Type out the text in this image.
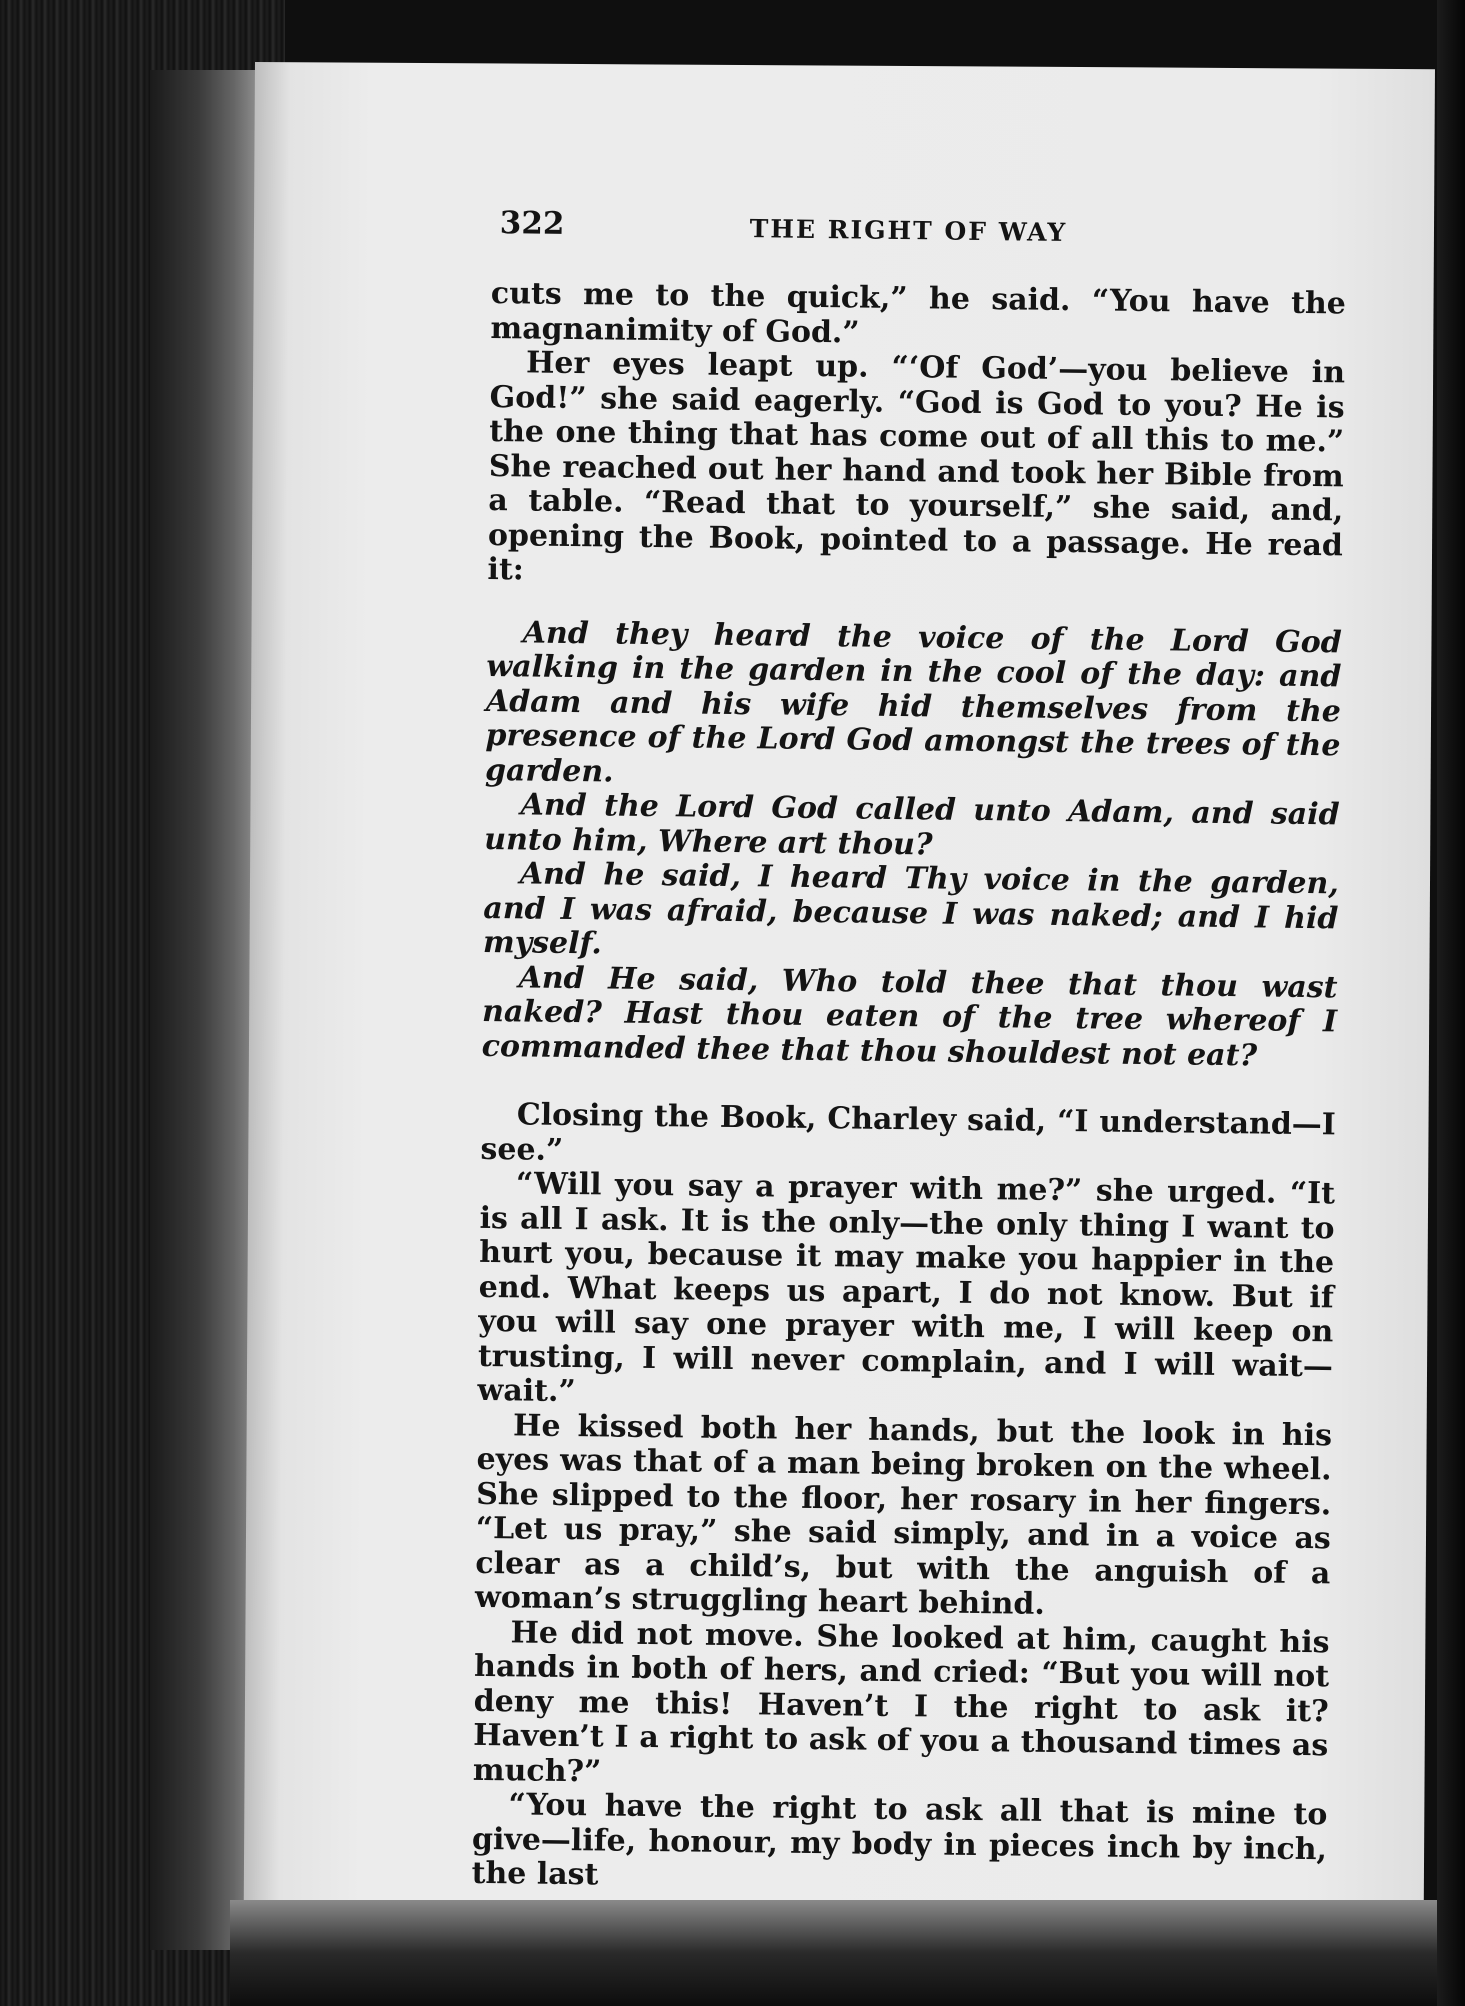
322	THE RIGHT OF WAY

cuts me to the quick,” he said. “You have the magnanimity of God.”

Her eyes leapt up. “‘Of God’—you believe in God!” she said eagerly. “God is God to you? He is the one thing that has come out of all this to me.” She reached out her hand and took her Bible from a table. “Read that to yourself,” she said, and, opening the Book, pointed to a passage. He read it:

And they heard the voice of the Lord God walking in the garden in the cool of the day: and Adam and his wife hid themselves from the presence of the Lord God amongst the trees of the garden.

And the Lord God called unto Adam, and said unto him, Where art thou?

And he said, I heard Thy voice in the garden, and I was afraid, because I was naked; and I hid myself.

And He said, Who told thee that thou wast naked? Hast thou eaten of the tree whereof I commanded thee that thou shouldest not eat?

Closing the Book, Charley said, “I understand—I see.”

“Will you say a prayer with me?” she urged. “It is all I ask. It is the only—the only thing I want to hurt you, because it may make you happier in the end. What keeps us apart, I do not know. But if you will say one prayer with me, I will keep on trusting, I will never complain, and I will wait—wait.”

He kissed both her hands, but the look in his eyes was that of a man being broken on the wheel. She slipped to the floor, her rosary in her fingers. “Let us pray,” she said simply, and in a voice as clear as a child’s, but with the anguish of a woman’s struggling heart behind.

He did not move. She looked at him, caught his hands in both of hers, and cried: “But you will not deny me this! Haven’t I the right to ask it? Haven’t I a right to ask of you a thousand times as much?”

“You have the right to ask all that is mine to give—life, honour, my body in pieces inch by inch, the last
